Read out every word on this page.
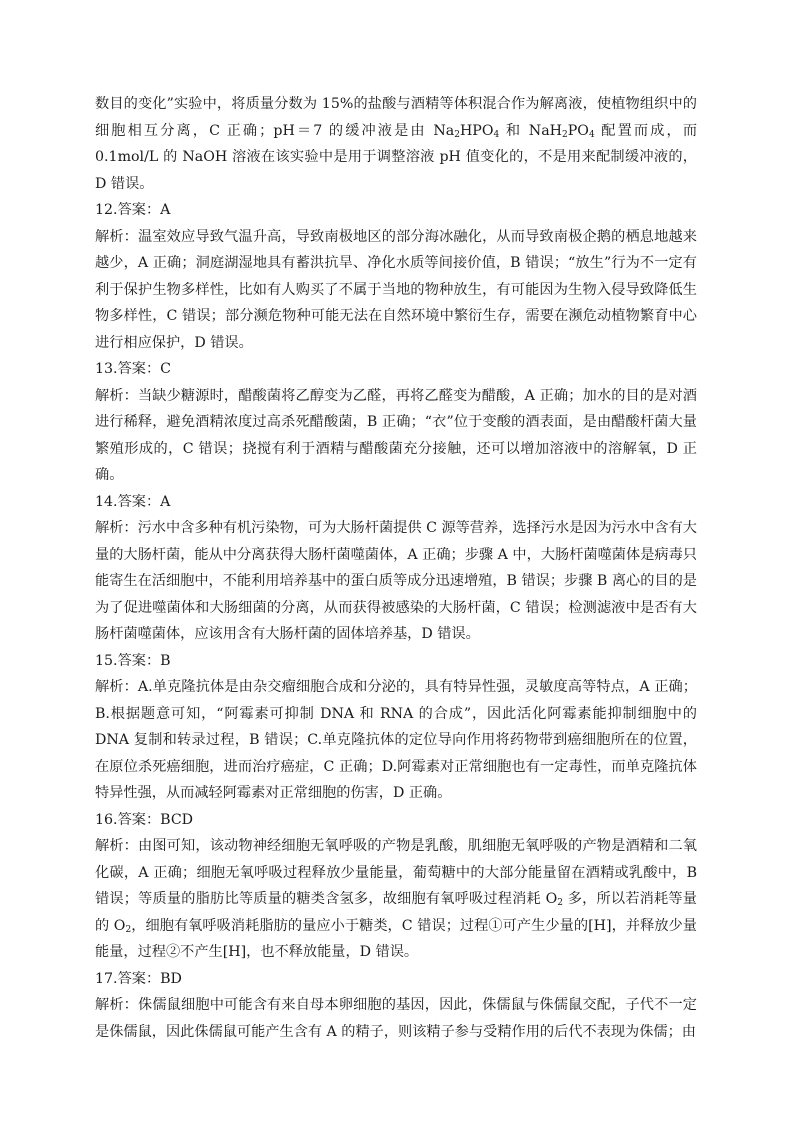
数目的变化”实验中，将质量分数为 15%的盐酸与酒精等体积混合作为解离液，使植物组织中的细胞相互分离，C 正确；pH＝7 的缓冲液是由 $Na_2HPO_4$ 和 $NaH_2PO_4$ 配置而成，而 0.1mol/L 的 NaOH 溶液在该实验中是用于调整溶液 pH 值变化的，不是用来配制缓冲液的，D 错误。

12.答案：A

解析：温室效应导致气温升高，导致南极地区的部分海冰融化，从而导致南极企鹅的栖息地越来越少，A 正确；洞庭湖湿地具有蓄洪抗旱、净化水质等间接价值，B 错误；“放生”行为不一定有利于保护生物多样性，比如有人购买了不属于当地的物种放生，有可能因为生物入侵导致降低生物多样性，C 错误；部分濒危物种可能无法在自然环境中繁衍生存，需要在濒危动植物繁育中心进行相应保护，D 错误。

13.答案：C

解析：当缺少糖源时，醋酸菌将乙醇变为乙醛，再将乙醛变为醋酸，A 正确；加水的目的是对酒进行稀释，避免酒精浓度过高杀死醋酸菌，B 正确；“衣”位于变酸的酒表面，是由醋酸杆菌大量繁殖形成的，C 错误；挠搅有利于酒精与醋酸菌充分接触，还可以增加溶液中的溶解氧，D 正确。

14.答案：A

解析：污水中含多种有机污染物，可为大肠杆菌提供 C 源等营养，选择污水是因为污水中含有大量的大肠杆菌，能从中分离获得大肠杆菌噬菌体，A 正确；步骤 A 中，大肠杆菌噬菌体是病毒只能寄生在活细胞中，不能利用培养基中的蛋白质等成分迅速增殖，B 错误；步骤 B 离心的目的是为了促进噬菌体和大肠细菌的分离，从而获得被感染的大肠杆菌，C 错误；检测滤液中是否有大肠杆菌噬菌体，应该用含有大肠杆菌的固体培养基，D 错误。

15.答案：B

解析：A.单克隆抗体是由杂交瘤细胞合成和分泌的，具有特异性强，灵敏度高等特点，A 正确；B.根据题意可知，“阿霉素可抑制 DNA 和 RNA 的合成”，因此活化阿霉素能抑制细胞中的 DNA 复制和转录过程，B 错误；C.单克隆抗体的定位导向作用将药物带到癌细胞所在的位置，在原位杀死癌细胞，进而治疗癌症，C 正确；D.阿霉素对正常细胞也有一定毒性，而单克隆抗体特异性强，从而减轻阿霉素对正常细胞的伤害，D 正确。

16.答案：BCD

解析：由图可知，该动物神经细胞无氧呼吸的产物是乳酸，肌细胞无氧呼吸的产物是酒精和二氧化碳，A 正确；细胞无氧呼吸过程释放少量能量，葡萄糖中的大部分能量留在酒精或乳酸中，B 错误；等质量的脂肪比等质量的糖类含氢多，故细胞有氧呼吸过程消耗 $O_2$ 多，所以若消耗等量的 $O_2$，细胞有氧呼吸消耗脂肪的量应小于糖类，C 错误；过程①可产生少量的[H]，并释放少量能量，过程②不产生[H]，也不释放能量，D 错误。

17.答案：BD

解析：侏儒鼠细胞中可能含有来自母本卵细胞的基因，因此，侏儒鼠与侏儒鼠交配，子代不一定是侏儒鼠，因此侏儒鼠可能产生含有 A 的精子，则该精子参与受精作用的后代不表现为侏儒；由
